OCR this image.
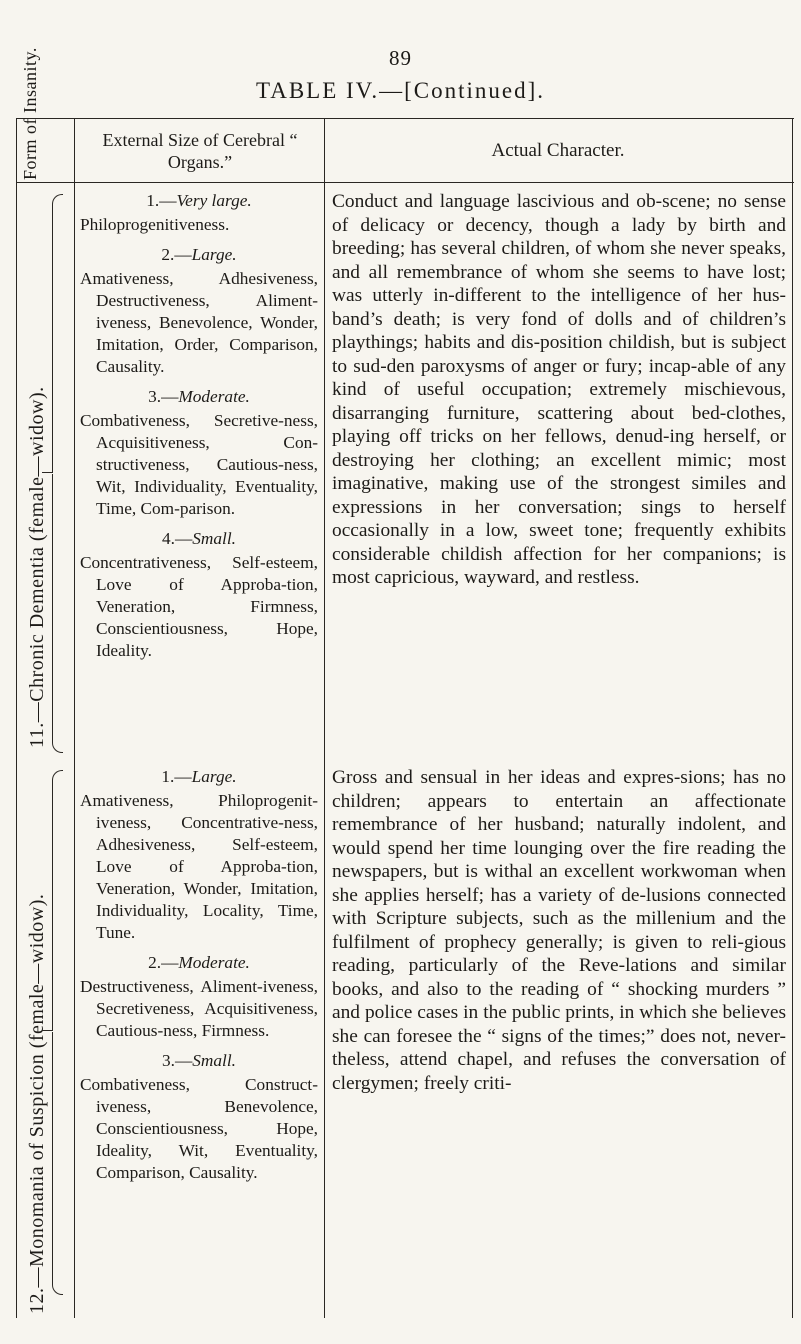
89
TABLE IV.—[Continued].
Form of Insanity.	External Size of Cerebral “ Organs.”
Actual Character.
11.—Chronic Dementia (female—widow).

1.—Very large.

Philoprogenitiveness.

2.—Large.

Amativeness, Adhesiveness, Destructiveness, Aliment-iveness, Benevolence, Wonder, Imitation, Order, Comparison, Causality.

3.—Moderate.

Combativeness, Secretive-ness, Acquisitiveness, Con-structiveness, Cautious-ness, Wit, Individuality, Eventuality, Time, Com-parison.

4.—Small.

Concentrativeness, Self-esteem, Love of Approba-tion, Veneration, Firmness, Conscientiousness, Hope, Ideality.

Conduct and language lascivious and ob-scene; no sense of delicacy or decency, though a lady by birth and breeding; has several children, of whom she never speaks, and all remembrance of whom she seems to have lost; was utterly in-different to the intelligence of her hus-band’s death; is very fond of dolls and of children’s playthings; habits and dis-position childish, but is subject to sud-den paroxysms of anger or fury; incap-able of any kind of useful occupation; extremely mischievous, disarranging furniture, scattering about bed-clothes, playing off tricks on her fellows, denud-ing herself, or destroying her clothing; an excellent mimic; most imaginative, making use of the strongest similes and expressions in her conversation; sings to herself occasionally in a low, sweet tone; frequently exhibits considerable childish affection for her companions; is most capricious, wayward, and restless.
12.—Monomania of Suspicion (female—widow).

1.—Large.

Amativeness, Philoprogenit-iveness, Concentrative-ness, Adhesiveness, Self-esteem, Love of Approba-tion, Veneration, Wonder, Imitation, Individuality, Locality, Time, Tune.

2.—Moderate.

Destructiveness, Aliment-iveness, Secretiveness, Acquisitiveness, Cautious-ness, Firmness.

3.—Small.

Combativeness, Construct-iveness, Benevolence, Conscientiousness, Hope, Ideality, Wit, Eventuality, Comparison, Causality.

Gross and sensual in her ideas and expres-sions; has no children; appears to entertain an affectionate remembrance of her husband; naturally indolent, and would spend her time lounging over the fire reading the newspapers, but is withal an excellent workwoman when she applies herself; has a variety of de-lusions connected with Scripture subjects, such as the millenium and the fulfilment of prophecy generally; is given to reli-gious reading, particularly of the Reve-lations and similar books, and also to the reading of “ shocking murders ” and police cases in the public prints, in which she believes she can foresee the “ signs of the times;” does not, never-theless, attend chapel, and refuses the conversation of clergymen; freely criti-
